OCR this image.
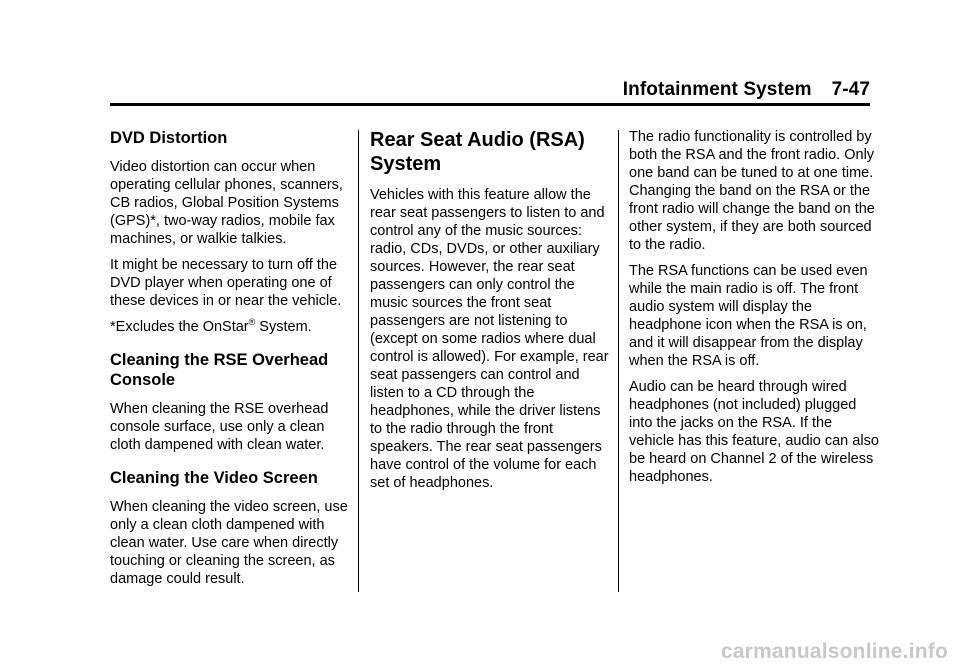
Infotainment System 7-47
DVD Distortion

Video distortion can occur when operating cellular phones, scanners, CB radios, Global Position Systems (GPS)*, two-way radios, mobile fax machines, or walkie talkies.

It might be necessary to turn off the DVD player when operating one of these devices in or near the vehicle.

*Excludes the OnStar® System.

Cleaning the RSE Overhead Console

When cleaning the RSE overhead console surface, use only a clean cloth dampened with clean water.

Cleaning the Video Screen

When cleaning the video screen, use only a clean cloth dampened with clean water. Use care when directly touching or cleaning the screen, as damage could result.

Rear Seat Audio (RSA) System

Vehicles with this feature allow the rear seat passengers to listen to and control any of the music sources: radio, CDs, DVDs, or other auxiliary sources. However, the rear seat passengers can only control the music sources the front seat passengers are not listening to (except on some radios where dual control is allowed). For example, rear seat passengers can control and listen to a CD through the headphones, while the driver listens to the radio through the front speakers. The rear seat passengers have control of the volume for each set of headphones.

The radio functionality is controlled by both the RSA and the front radio. Only one band can be tuned to at one time. Changing the band on the RSA or the front radio will change the band on the other system, if they are both sourced to the radio.

The RSA functions can be used even while the main radio is off. The front audio system will display the headphone icon when the RSA is on, and it will disappear from the display when the RSA is off.

Audio can be heard through wired headphones (not included) plugged into the jacks on the RSA. If the vehicle has this feature, audio can also be heard on Channel 2 of the wireless headphones.

carmanualsonline.info
